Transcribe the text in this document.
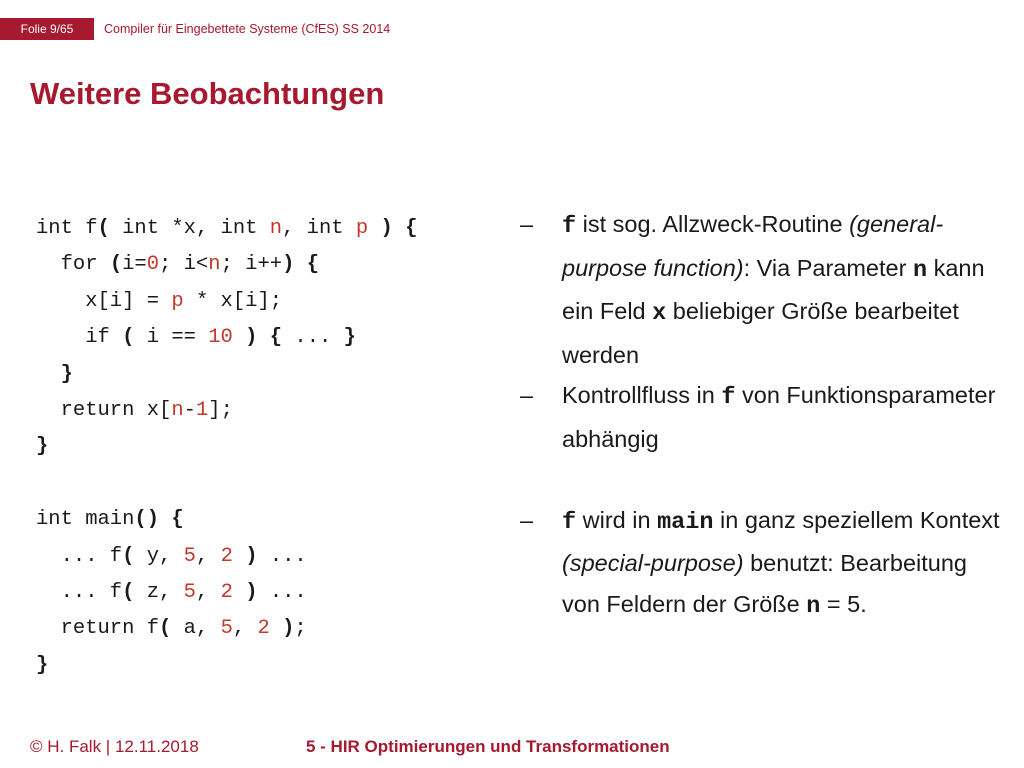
Folie 9/65	Compiler für Eingebettete Systeme (CfES) SS 2014
Weitere Beobachtungen
int f( int *x, int n, int p ) {
for (i=0; i<n; i++) {
x[i] = p * x[i];
if ( i == 10 ) { ... }
}
return x[n-1];
}
int main() {
... f( y, 5, 2 ) ...
... f( z, 5, 2 ) ...
return f( a, 5, 2 );
}
– f ist sog. Allzweck-Routine (general-purpose function): Via Parameter n kann ein Feld x beliebiger Größe bearbeitet werden
– Kontrollfluss in f von Funktionsparameter abhängig
– f wird in main in ganz speziellem Kontext (special-purpose) benutzt: Bearbeitung von Feldern der Größe n = 5.
© H. Falk | 12.11.2018	5 - HIR Optimierungen und Transformationen
